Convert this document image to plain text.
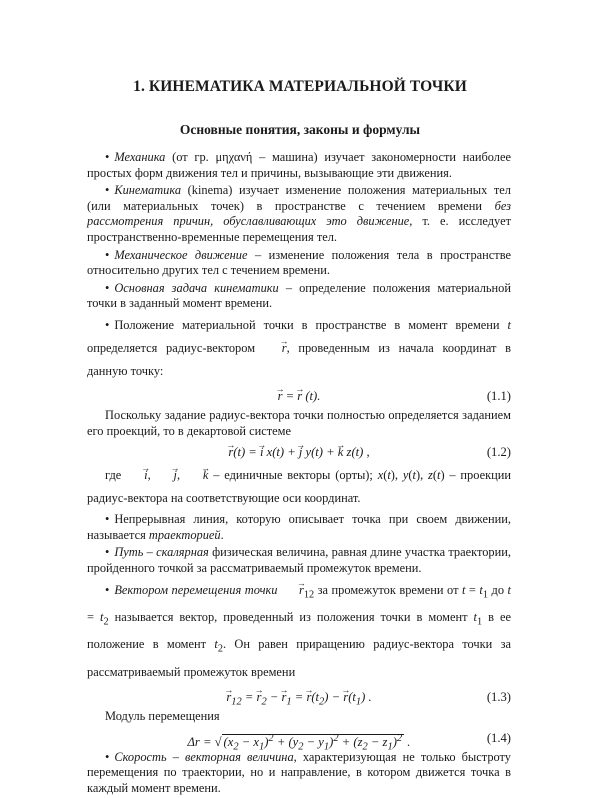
1. КИНЕМАТИКА МАТЕРИАЛЬНОЙ ТОЧКИ
Основные понятия, законы и формулы

• Механика (от гр. μηχανή – машина) изучает закономерности наиболее простых форм движения тел и причины, вызывающие эти движения.

• Кинематика (kinema) изучает изменение положения материальных тел (или материальных точек) в пространстве с течением времени без рассмотрения причин, обуславливающих это движение, т. е. исследует пространственно-временные перемещения тел.

• Механическое движение – изменение положения тела в пространстве относительно других тел с течением времени.

• Основная задача кинематики – определение положения материальной точки в заданный момент времени.

• Положение материальной точки в пространстве в момент времени t определяется радиус-вектором → r, проведенным из начала координат в данную точку:

→ r = → r (t).	(1.1)

Поскольку задание радиус-вектора точки полностью определяется заданием его проекций, то в декартовой системе

→ r(t) = → i x(t) + → j y(t) + → k z(t) ,	(1.2)

где → i, → j, → k – единичные векторы (орты); x(t), y(t), z(t) – проекции радиус-вектора на соответствующие оси координат.

• Непрерывная линия, которую описывает точка при своем движении, называется траекторией.

• Путь – скалярная физическая величина, равная длине участка траектории, пройденного точкой за рассматриваемый промежуток времени.

• Вектором перемещения точки → $r_{12}$ за промежуток времени от $t = t_1$ до $t = t_2$ называется вектор, проведенный из положения точки в момент $t_1$ в ее положение в момент $t_2$. Он равен приращению радиус-вектора точки за рассматриваемый промежуток времени

→ $r_{12}$ = → $r_2$ − → $r_1$ = → $r(t_2)$ − → $r(t_1)$ .	(1.3)

Модуль перемещения

Δr = √ $(x_2 - x_1)^2 + (y_2 - y_1)^2 + (z_2 - z_1)^2$ .	(1.4)

• Скорость – векторная величина, характеризующая не только быстроту перемещения по траектории, но и направление, в котором движется точка в каждый момент времени.
